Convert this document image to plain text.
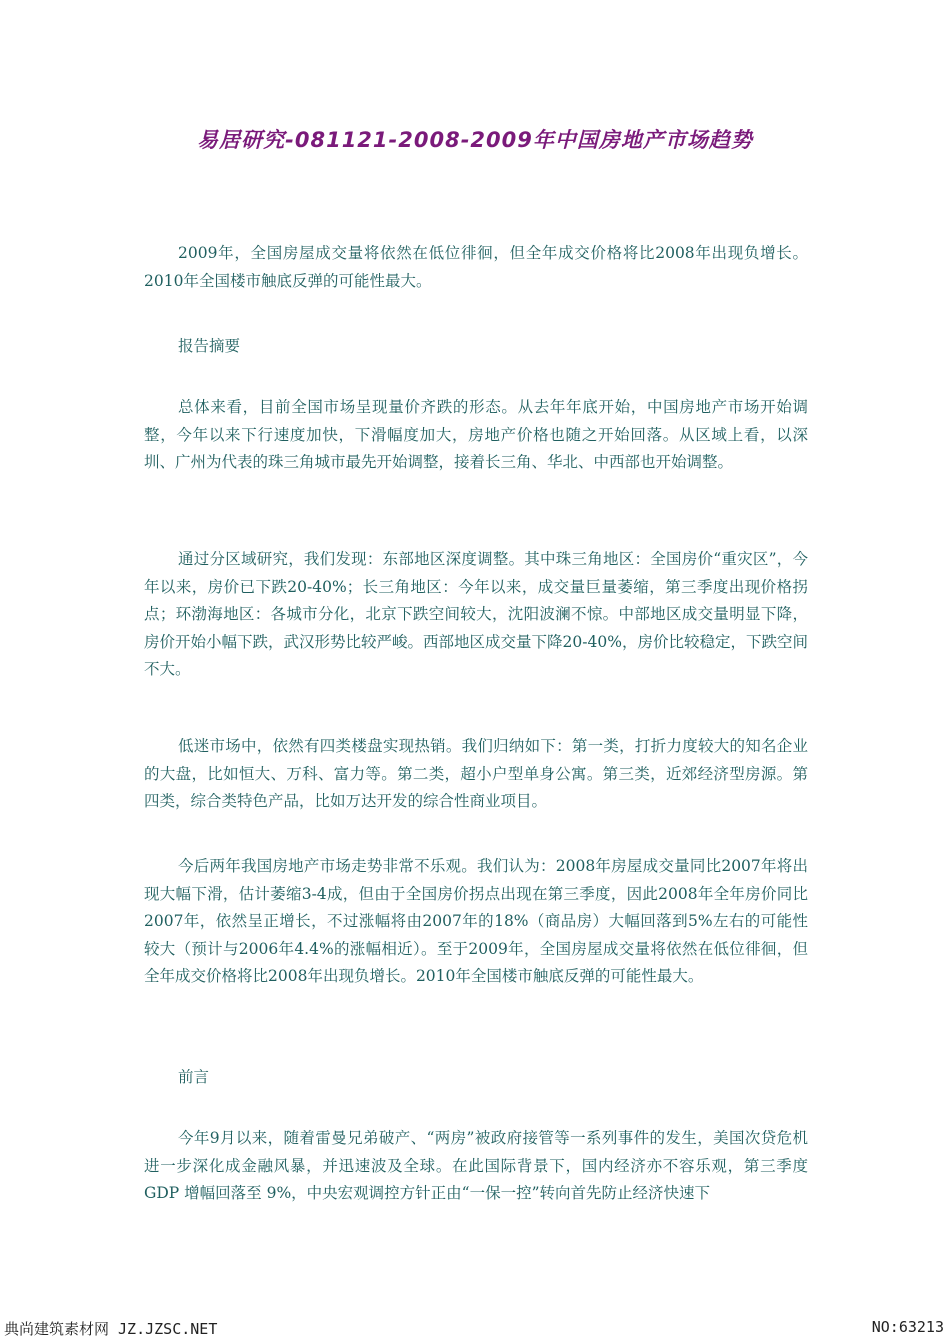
易居研究-081121-2008-2009年中国房地产市场趋势

2009年，全国房屋成交量将依然在低位徘徊，但全年成交价格将比2008年出现负增长。2010年全国楼市触底反弹的可能性最大。

报告摘要

总体来看，目前全国市场呈现量价齐跌的形态。从去年年底开始，中国房地产市场开始调整，今年以来下行速度加快，下滑幅度加大，房地产价格也随之开始回落。从区域上看，以深圳、广州为代表的珠三角城市最先开始调整，接着长三角、华北、中西部也开始调整。

通过分区域研究，我们发现：东部地区深度调整。其中珠三角地区：全国房价“重灾区”，今年以来，房价已下跌20-40%；长三角地区：今年以来，成交量巨量萎缩，第三季度出现价格拐点；环渤海地区：各城市分化，北京下跌空间较大，沈阳波澜不惊。中部地区成交量明显下降，房价开始小幅下跌，武汉形势比较严峻。西部地区成交量下降20-40%，房价比较稳定，下跌空间不大。

低迷市场中，依然有四类楼盘实现热销。我们归纳如下：第一类，打折力度较大的知名企业的大盘，比如恒大、万科、富力等。第二类，超小户型单身公寓。第三类，近郊经济型房源。第四类，综合类特色产品，比如万达开发的综合性商业项目。

今后两年我国房地产市场走势非常不乐观。我们认为：2008年房屋成交量同比2007年将出现大幅下滑，估计萎缩3-4成，但由于全国房价拐点出现在第三季度，因此2008年全年房价同比2007年，依然呈正增长，不过涨幅将由2007年的18%（商品房）大幅回落到5%左右的可能性较大（预计与2006年4.4%的涨幅相近）。至于2009年，全国房屋成交量将依然在低位徘徊，但全年成交价格将比2008年出现负增长。2010年全国楼市触底反弹的可能性最大。

前言

今年9月以来，随着雷曼兄弟破产、“两房”被政府接管等一系列事件的发生，美国次贷危机进一步深化成金融风暴，并迅速波及全球。在此国际背景下，国内经济亦不容乐观，第三季度 GDP 增幅回落至 9%，中央宏观调控方针正由“一保一控”转向首先防止经济快速下

典尚建筑素材网 JZ.JZSC.NET	NO:63213
